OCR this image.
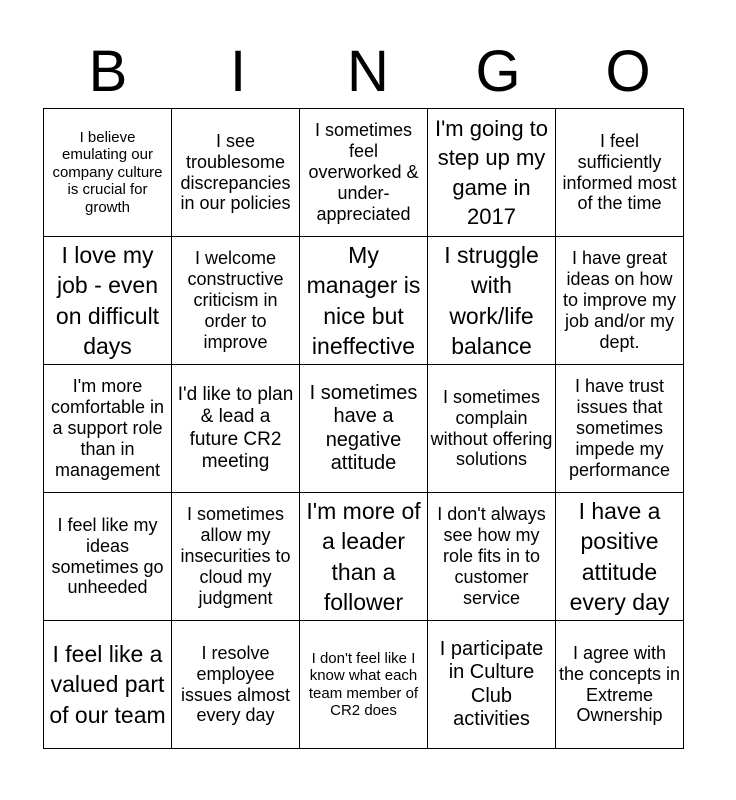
B	I	N	G	O
I believe emulating our company culture is crucial for growth	I see troublesome discrepancies in our policies	I sometimes feel overworked & under-appreciated	I'm going to step up my game in 2017	I feel sufficiently informed most of the time
I love my job - even on difficult days	I welcome constructive criticism in order to improve	My manager is nice but ineffective	I struggle with work/life balance	I have great ideas on how to improve my job and/or my dept.
I'm more comfortable in a support role than in management	I'd like to plan & lead a future CR2 meeting	I sometimes have a negative attitude	I sometimes complain without offering solutions	I have trust issues that sometimes impede my performance
I feel like my ideas sometimes go unheeded	I sometimes allow my insecurities to cloud my judgment	I'm more of a leader than a follower	I don't always see how my role fits in to customer service	I have a positive attitude every day
I feel like a valued part of our team	I resolve employee issues almost every day	I don't feel like I know what each team member of CR2 does	I participate in Culture Club activities	I agree with the concepts in Extreme Ownership
